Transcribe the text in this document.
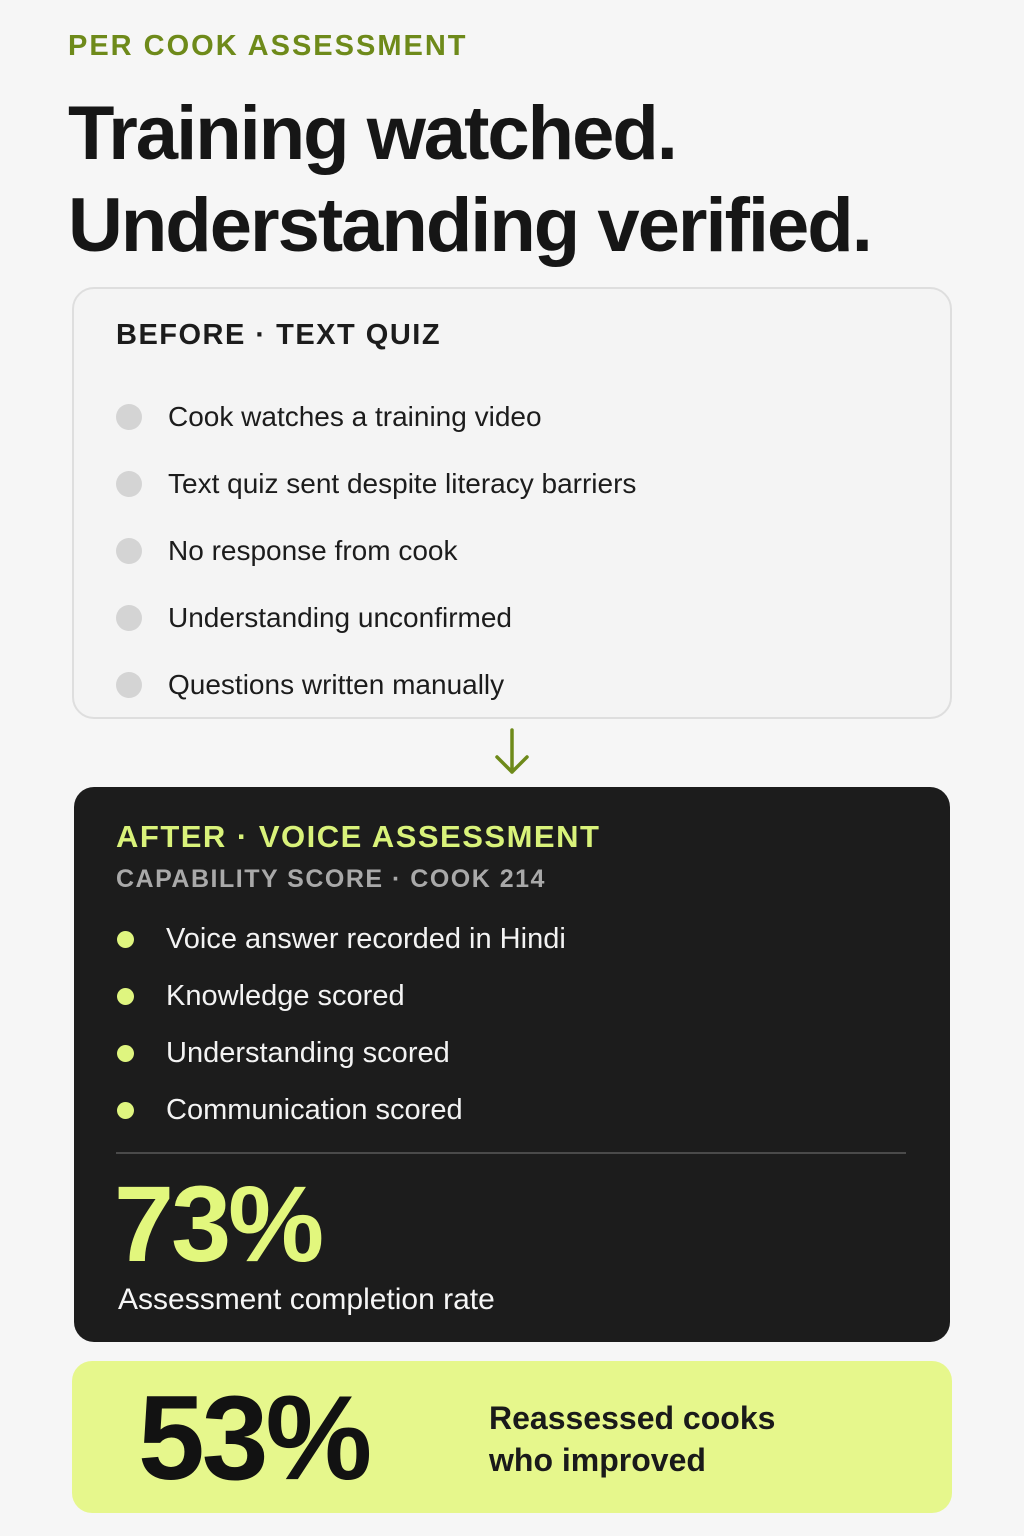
PER COOK ASSESSMENT
Training watched.
Understanding verified.
BEFORE · TEXT QUIZ
Cook watches a training video
Text quiz sent despite literacy barriers
No response from cook
Understanding unconfirmed
Questions written manually
AFTER · VOICE ASSESSMENT
CAPABILITY SCORE · COOK 214
Voice answer recorded in Hindi
Knowledge scored
Understanding scored
Communication scored
73%
Assessment completion rate
53%	Reassessed cooks
who improved
